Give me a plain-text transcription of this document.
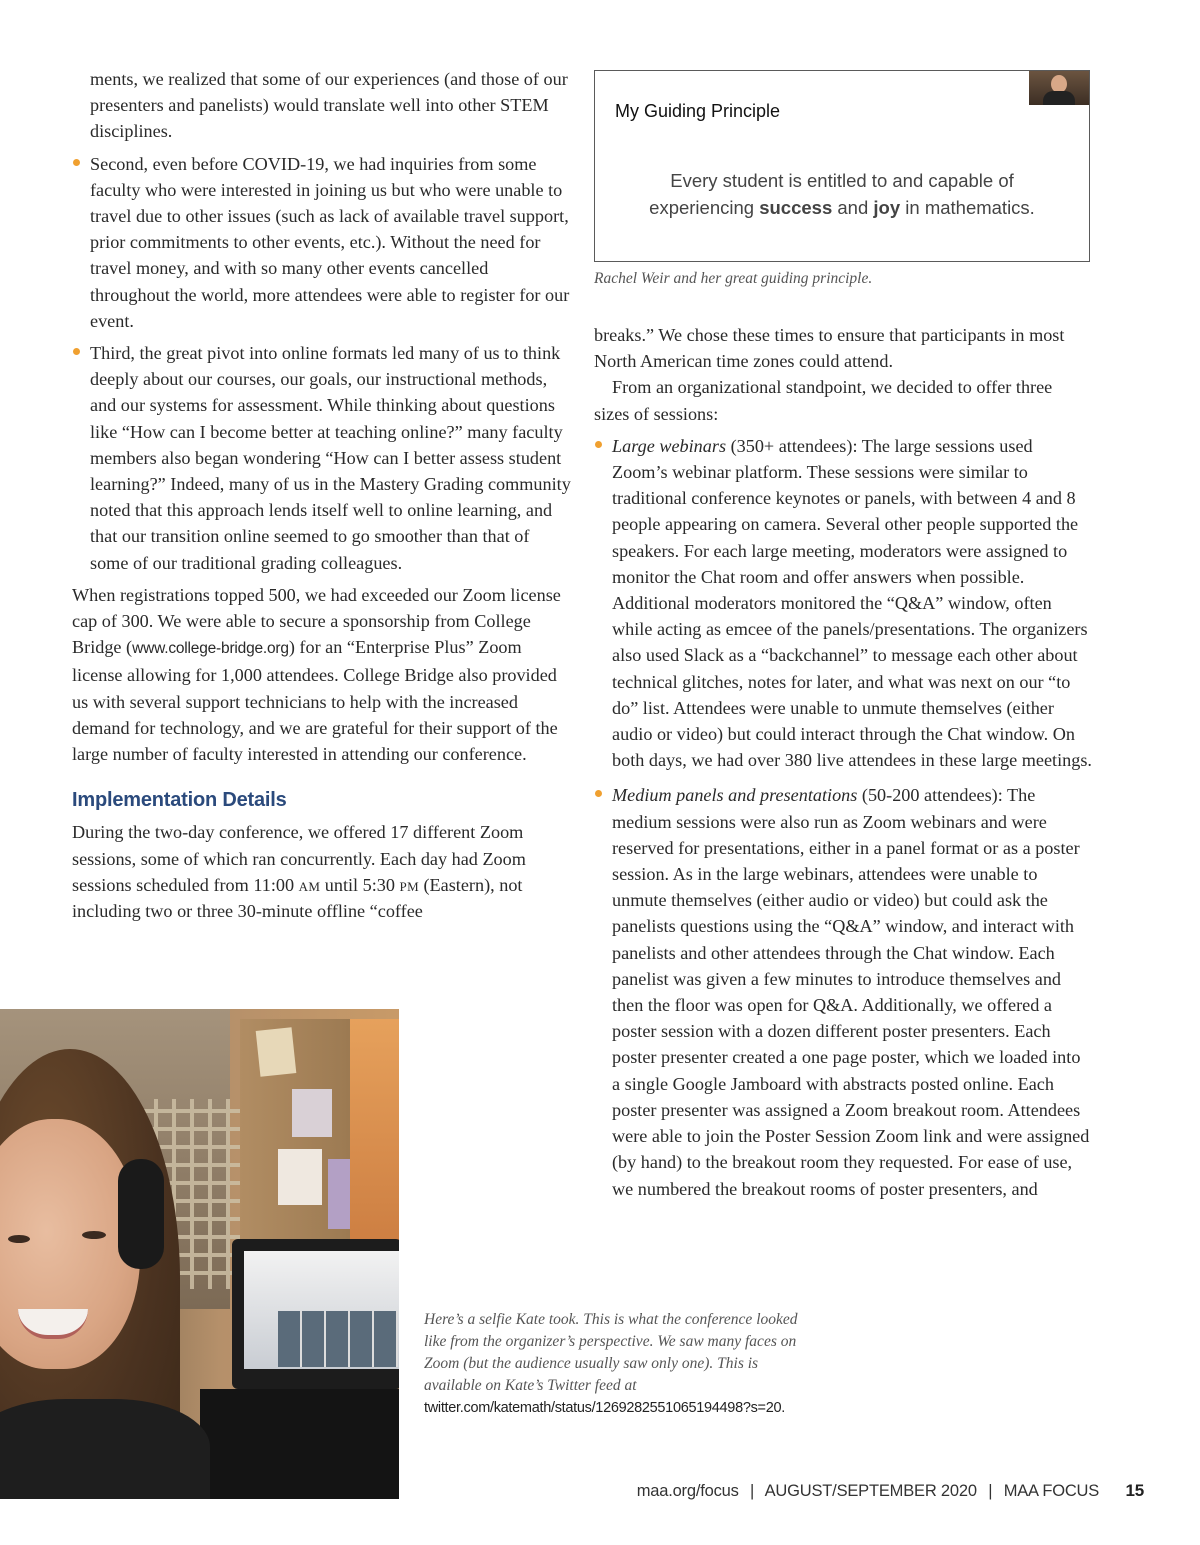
ments, we realized that some of our experiences (and those of our presenters and panelists) would translate well into other STEM disciplines.
Second, even before COVID-19, we had inquiries from some faculty who were interested in joining us but who were unable to travel due to other issues (such as lack of available travel support, prior commitments to other events, etc.). Without the need for travel money, and with so many other events cancelled throughout the world, more attendees were able to register for our event.
Third, the great pivot into online formats led many of us to think deeply about our courses, our goals, our instructional methods, and our systems for assessment. While thinking about questions like “How can I become better at teaching online?” many faculty members also began wondering “How can I better assess student learning?” Indeed, many of us in the Mastery Grading community noted that this approach lends itself well to online learning, and that our transition online seemed to go smoother than that of some of our traditional grading colleagues.

When registrations topped 500, we had exceeded our Zoom license cap of 300. We were able to secure a sponsorship from College Bridge (www.college-bridge.org) for an “Enterprise Plus” Zoom license allowing for 1,000 attendees. College Bridge also provided us with several support technicians to help with the increased demand for technology, and we are grateful for their support of the large number of faculty interested in attending our conference.

Implementation Details

During the two-day conference, we offered 17 different Zoom sessions, some of which ran concurrently. Each day had Zoom sessions scheduled from 11:00 am until 5:30 pm (Eastern), not including two or three 30-minute offline “coffee

My Guiding Principle
Every student is entitled to and capable of
experiencing success and joy in mathematics.
Rachel Weir and her great guiding principle.

breaks.” We chose these times to ensure that participants in most North American time zones could attend.

From an organizational standpoint, we decided to offer three sizes of sessions:

Large webinars (350+ attendees): The large sessions used Zoom’s webinar platform. These sessions were similar to traditional conference keynotes or panels, with between 4 and 8 people appearing on camera. Several other people supported the speakers. For each large meeting, moderators were assigned to monitor the Chat room and offer answers when possible. Additional moderators monitored the “Q&A” window, often while acting as emcee of the panels/presentations. The organizers also used Slack as a “backchannel” to message each other about technical glitches, notes for later, and what was next on our “to do” list. Attendees were unable to unmute themselves (either audio or video) but could interact through the Chat window. On both days, we had over 380 live attendees in these large meetings.
Medium panels and presentations (50-200 attendees): The medium sessions were also run as Zoom webinars and were reserved for presentations, either in a panel format or as a poster session. As in the large webinars, attendees were unable to unmute themselves (either audio or video) but could ask the panelists questions using the “Q&A” window, and interact with panelists and other attendees through the Chat window. Each panelist was given a few minutes to introduce themselves and then the floor was open for Q&A. Additionally, we offered a poster session with a dozen different poster presenters. Each poster presenter created a one page poster, which we loaded into a single Google Jamboard with abstracts posted online. Each poster presenter was assigned a Zoom breakout room. Attendees were able to join the Poster Session Zoom link and were assigned (by hand) to the breakout room they requested. For ease of use, we numbered the breakout rooms of poster presenters, and
Here’s a selfie Kate took. This is what the conference looked like from the organizer’s perspective. We saw many faces on Zoom (but the audience usually saw only one). This is available on Kate’s Twitter feed at twitter.com/katemath/status/1269282551065194498?s=20.
maa.org/focus | AUGUST/SEPTEMBER 2020 | MAA FOCUS 15
